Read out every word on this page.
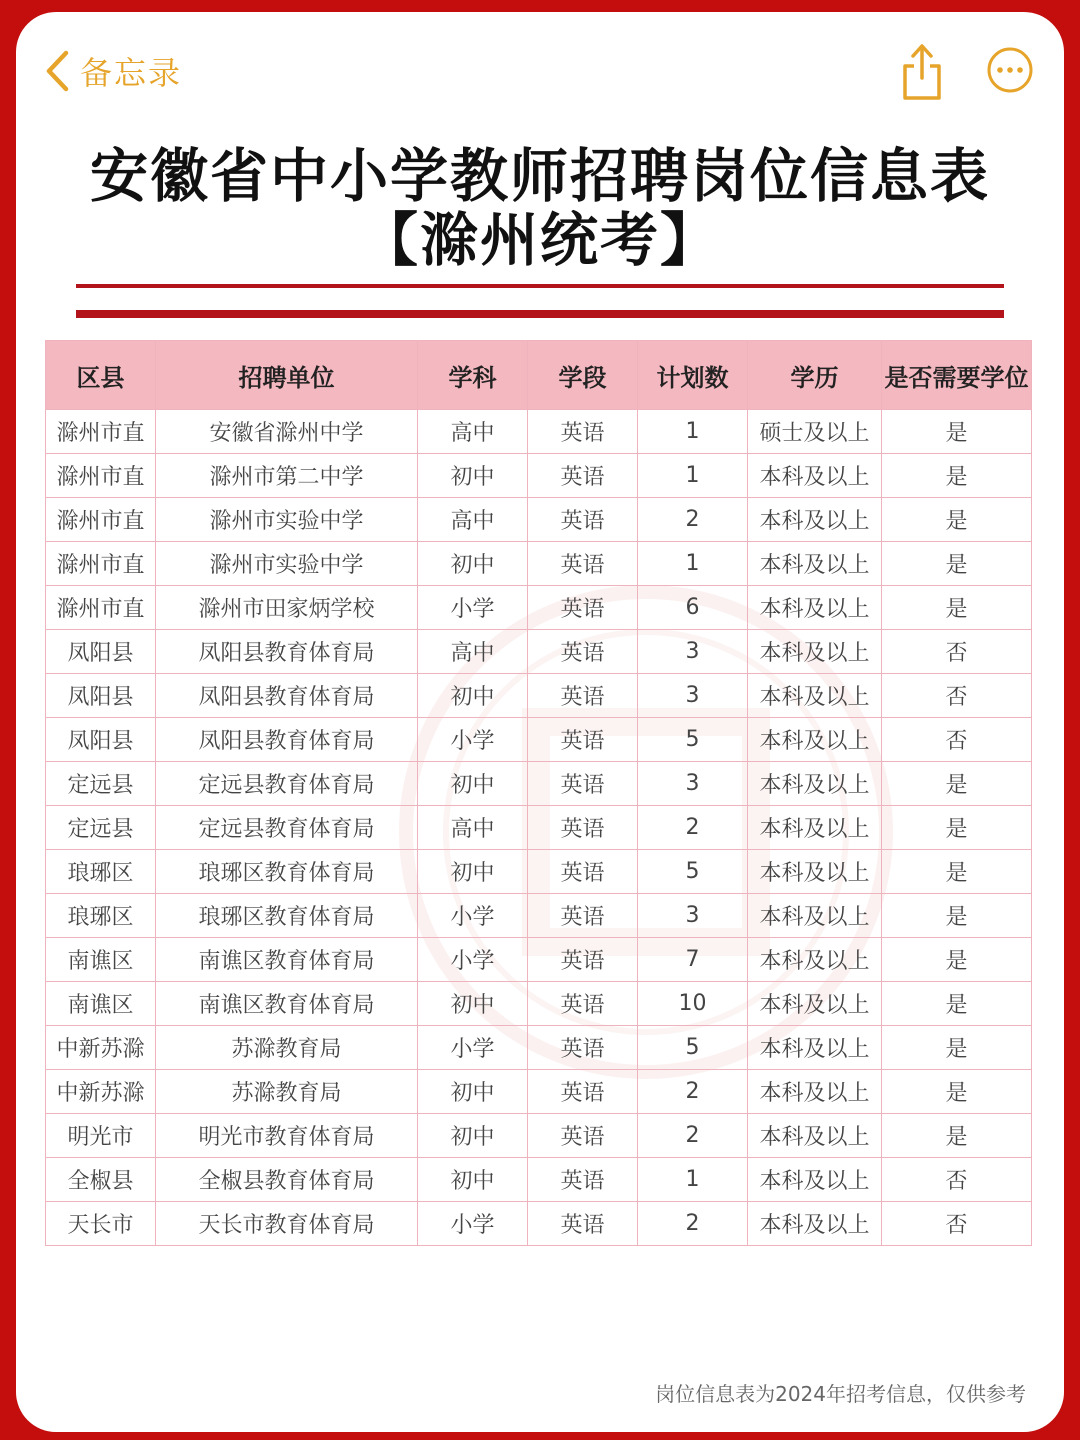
备忘录
安徽省中小学教师招聘岗位信息表
【滁州统考】
区县	招聘单位	学科	学段	计划数	学历	是否需要学位
滁州市直	安徽省滁州中学	高中	英语	1	硕士及以上	是
滁州市直	滁州市第二中学	初中	英语	1	本科及以上	是
滁州市直	滁州市实验中学	高中	英语	2	本科及以上	是
滁州市直	滁州市实验中学	初中	英语	1	本科及以上	是
滁州市直	滁州市田家炳学校	小学	英语	6	本科及以上	是
凤阳县	凤阳县教育体育局	高中	英语	3	本科及以上	否
凤阳县	凤阳县教育体育局	初中	英语	3	本科及以上	否
凤阳县	凤阳县教育体育局	小学	英语	5	本科及以上	否
定远县	定远县教育体育局	初中	英语	3	本科及以上	是
定远县	定远县教育体育局	高中	英语	2	本科及以上	是
琅琊区	琅琊区教育体育局	初中	英语	5	本科及以上	是
琅琊区	琅琊区教育体育局	小学	英语	3	本科及以上	是
南谯区	南谯区教育体育局	小学	英语	7	本科及以上	是
南谯区	南谯区教育体育局	初中	英语	10	本科及以上	是
中新苏滁	苏滁教育局	小学	英语	5	本科及以上	是
中新苏滁	苏滁教育局	初中	英语	2	本科及以上	是
明光市	明光市教育体育局	初中	英语	2	本科及以上	是
全椒县	全椒县教育体育局	初中	英语	1	本科及以上	否
天长市	天长市教育体育局	小学	英语	2	本科及以上	否
岗位信息表为2024年招考信息，仅供参考
